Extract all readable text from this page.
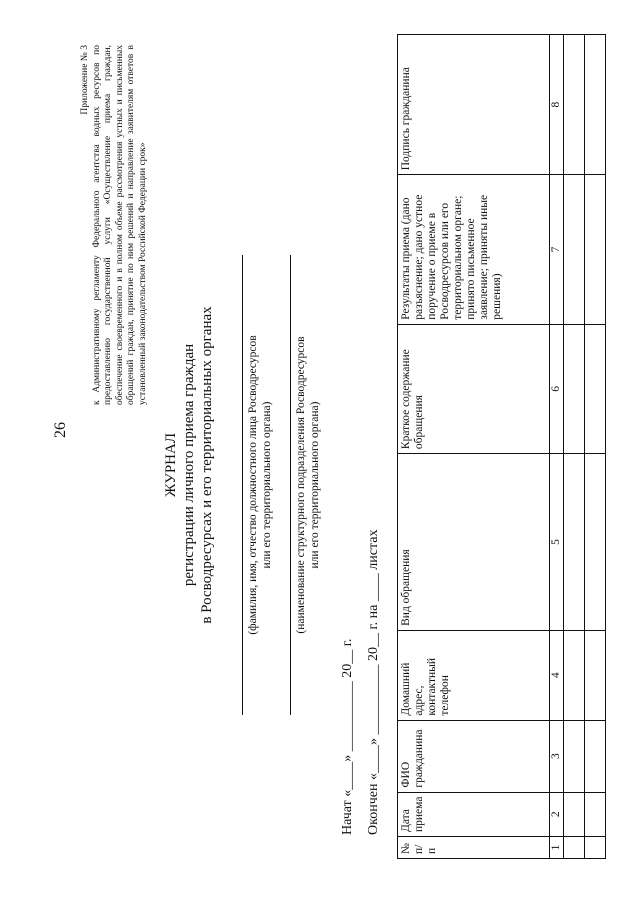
26
Приложение № 3 к Административному регламенту Федерального агентства водных ресурсов по предоставлению государственной услуги «Осуществление приема граждан, обеспечение своевременного и в полном объеме рассмотрения устных и письменных обращений граждан, принятие по ним решений и направление заявителям ответов в установленный законодательством Российской Федерации срок»
ЖУРНАЛ регистрации личного приема граждан в Росводресурсах и его территориальных органах	(фамилия, имя, отчество должностного лица Росводресурсов или его территориального органа) (наименование структурного подразделения Росводресурсов или его территориального органа)
Начат «____» __________ 20__ г. Окончен «____» __________ 20__ г. на ____ листах
№ п/п	Дата приема	ФИО гражданина	Домашний адрес, контактный телефон	Вид обращения	Краткое содержание обращения	Результаты приема (дано разъяснение; дано устное поручение о приеме в Росводресурсов или его территориальном органе; принято письменное заявление; приняты иные решения)	Подпись гражданина
1	2	3	4	5	6	7	8
